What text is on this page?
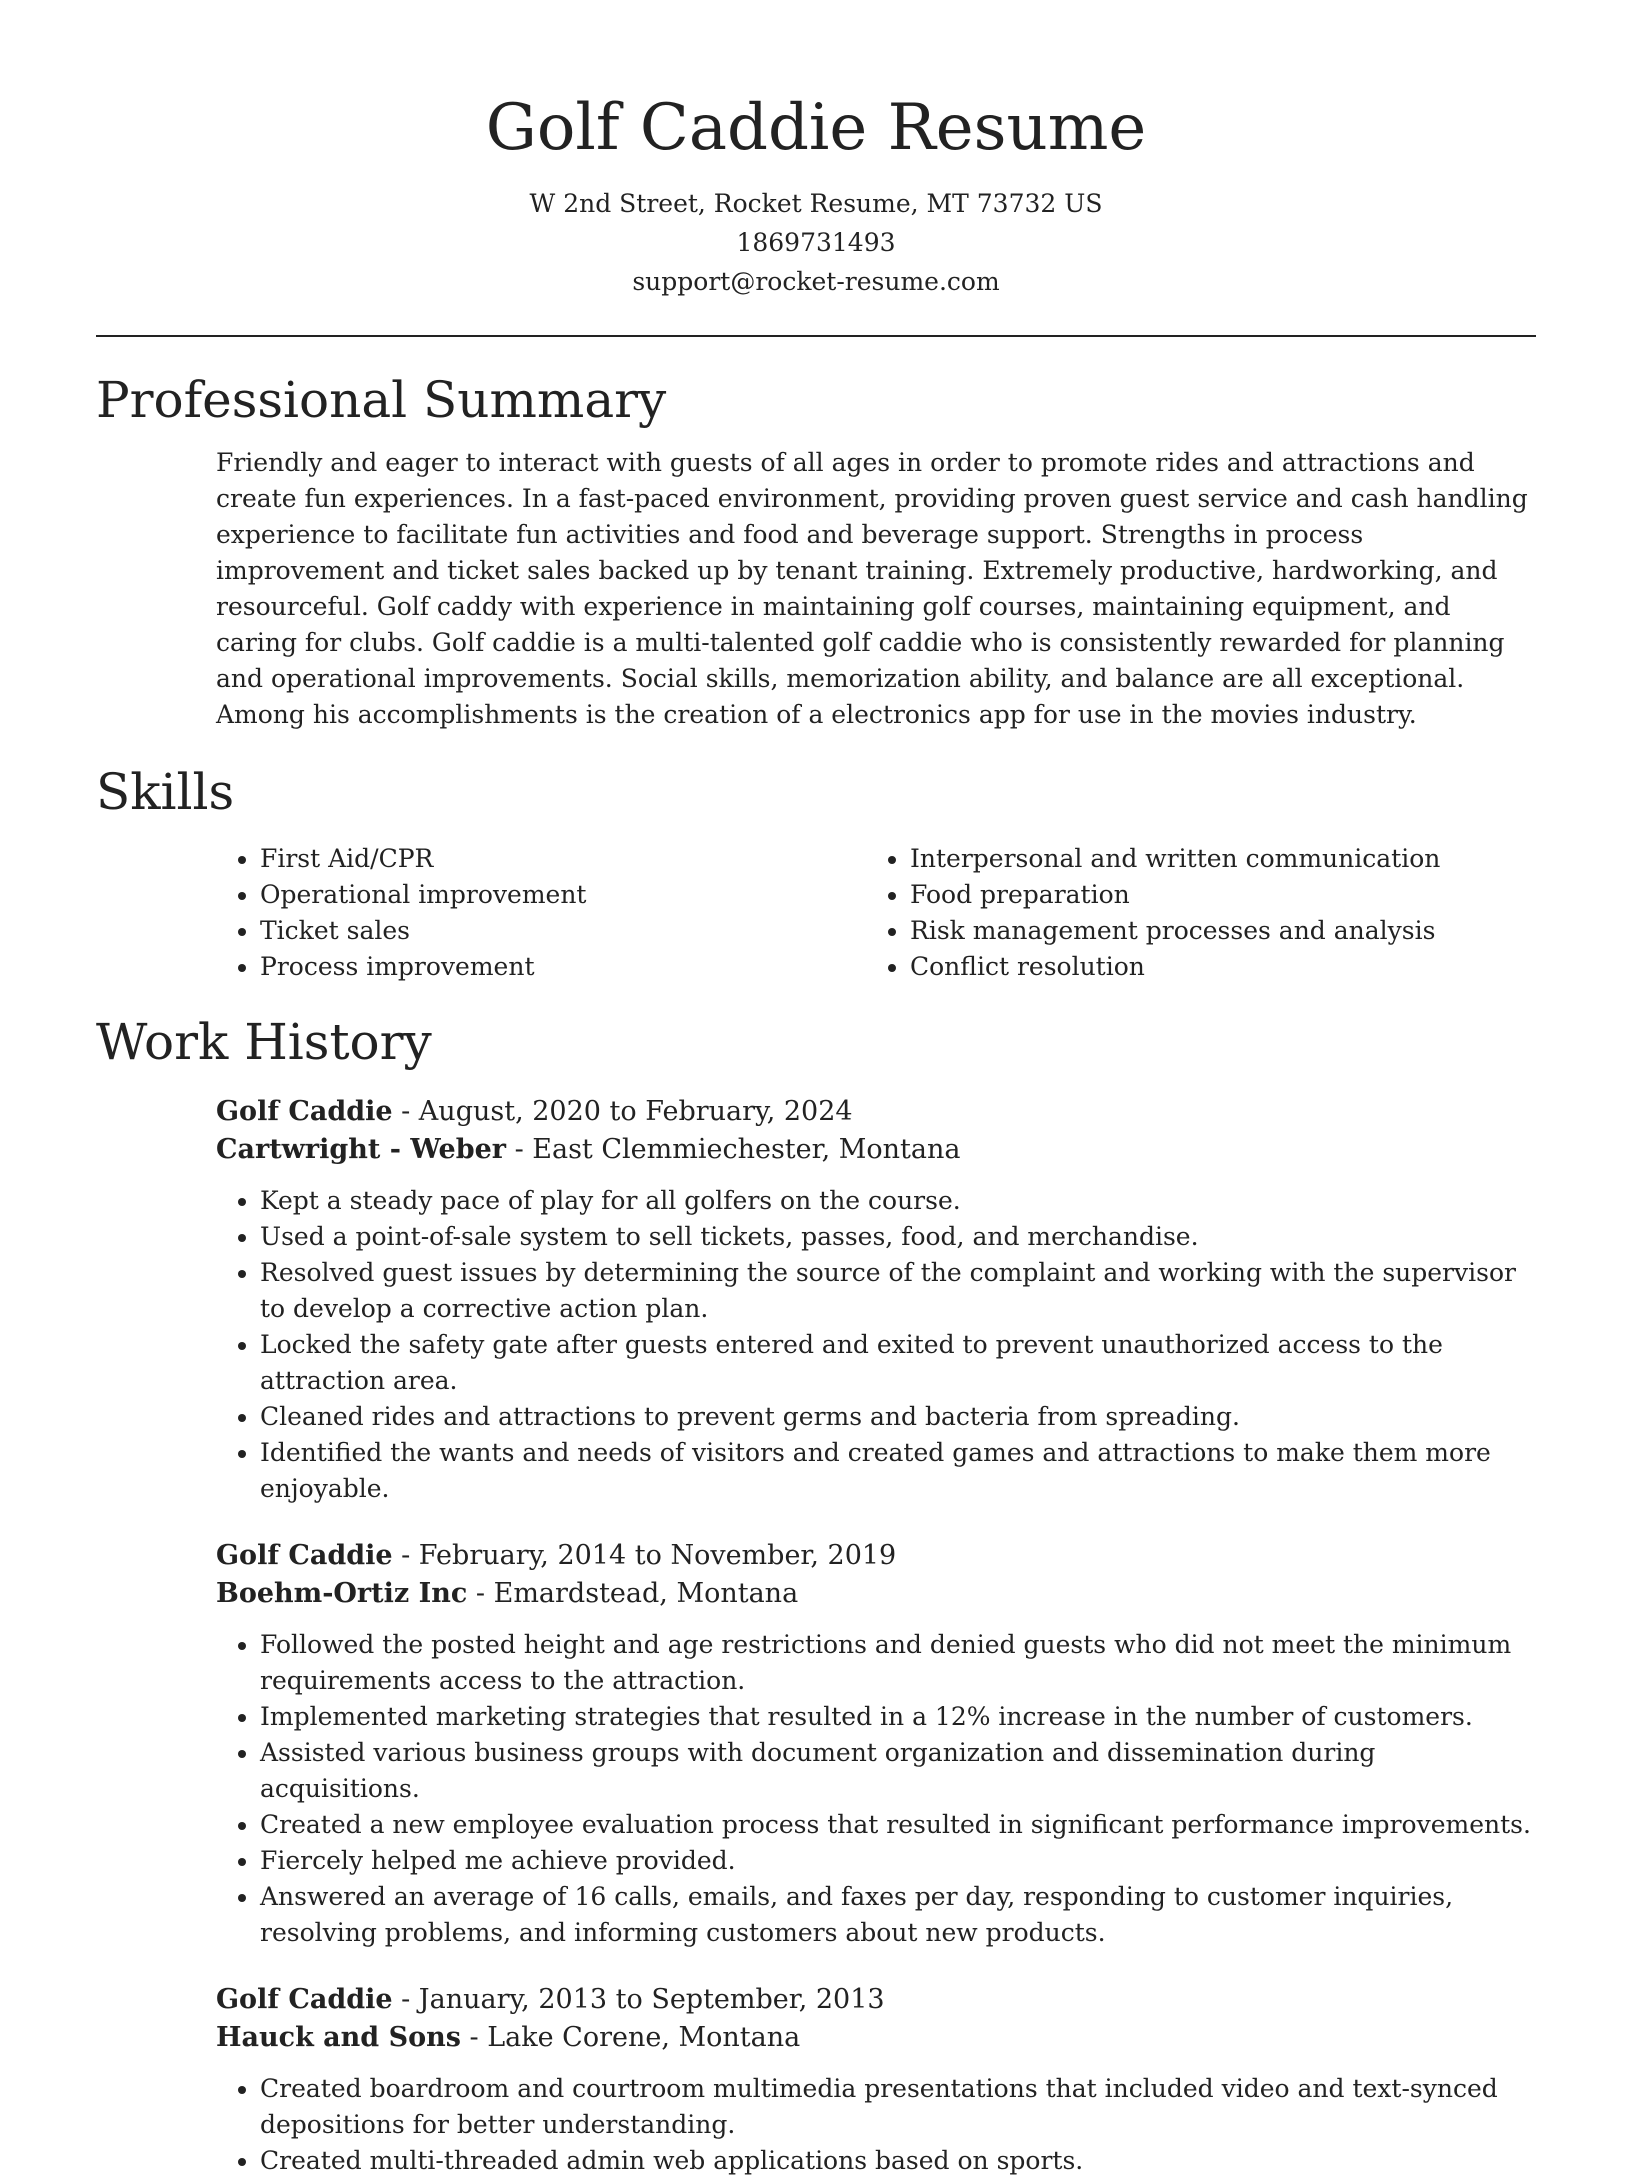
Golf Caddie Resume
W 2nd Street, Rocket Resume, MT 73732 US
1869731493
support@rocket-resume.com
Professional Summary

Friendly and eager to interact with guests of all ages in order to promote rides and attractions and create fun experiences. In a fast-paced environment, providing proven guest service and cash handling experience to facilitate fun activities and food and beverage support. Strengths in process improvement and ticket sales backed up by tenant training. Extremely productive, hardworking, and resourceful. Golf caddy with experience in maintaining golf courses, maintaining equipment, and caring for clubs. Golf caddie is a multi-talented golf caddie who is consistently rewarded for planning and operational improvements. Social skills, memorization ability, and balance are all exceptional. Among his accomplishments is the creation of a electronics app for use in the movies industry.

Skills
• First Aid/CPR
• Operational improvement
• Ticket sales
• Process improvement
• Interpersonal and written communication
• Food preparation
• Risk management processes and analysis
• Conflict resolution
Work History
Golf Caddie - August, 2020 to February, 2024
Cartwright - Weber - East Clemmiechester, Montana
• Kept a steady pace of play for all golfers on the course.
• Used a point-of-sale system to sell tickets, passes, food, and merchandise.
• Resolved guest issues by determining the source of the complaint and working with the supervisor to develop a corrective action plan.
• Locked the safety gate after guests entered and exited to prevent unauthorized access to the attraction area.
• Cleaned rides and attractions to prevent germs and bacteria from spreading.
• Identified the wants and needs of visitors and created games and attractions to make them more enjoyable.
Golf Caddie - February, 2014 to November, 2019
Boehm-Ortiz Inc - Emardstead, Montana
• Followed the posted height and age restrictions and denied guests who did not meet the minimum requirements access to the attraction.
• Implemented marketing strategies that resulted in a 12% increase in the number of customers.
• Assisted various business groups with document organization and dissemination during acquisitions.
• Created a new employee evaluation process that resulted in significant performance improvements.
• Fiercely helped me achieve provided.
• Answered an average of 16 calls, emails, and faxes per day, responding to customer inquiries, resolving problems, and informing customers about new products.
Golf Caddie - January, 2013 to September, 2013
Hauck and Sons - Lake Corene, Montana
• Created boardroom and courtroom multimedia presentations that included video and text-synced depositions for better understanding.
• Created multi-threaded admin web applications based on sports.
